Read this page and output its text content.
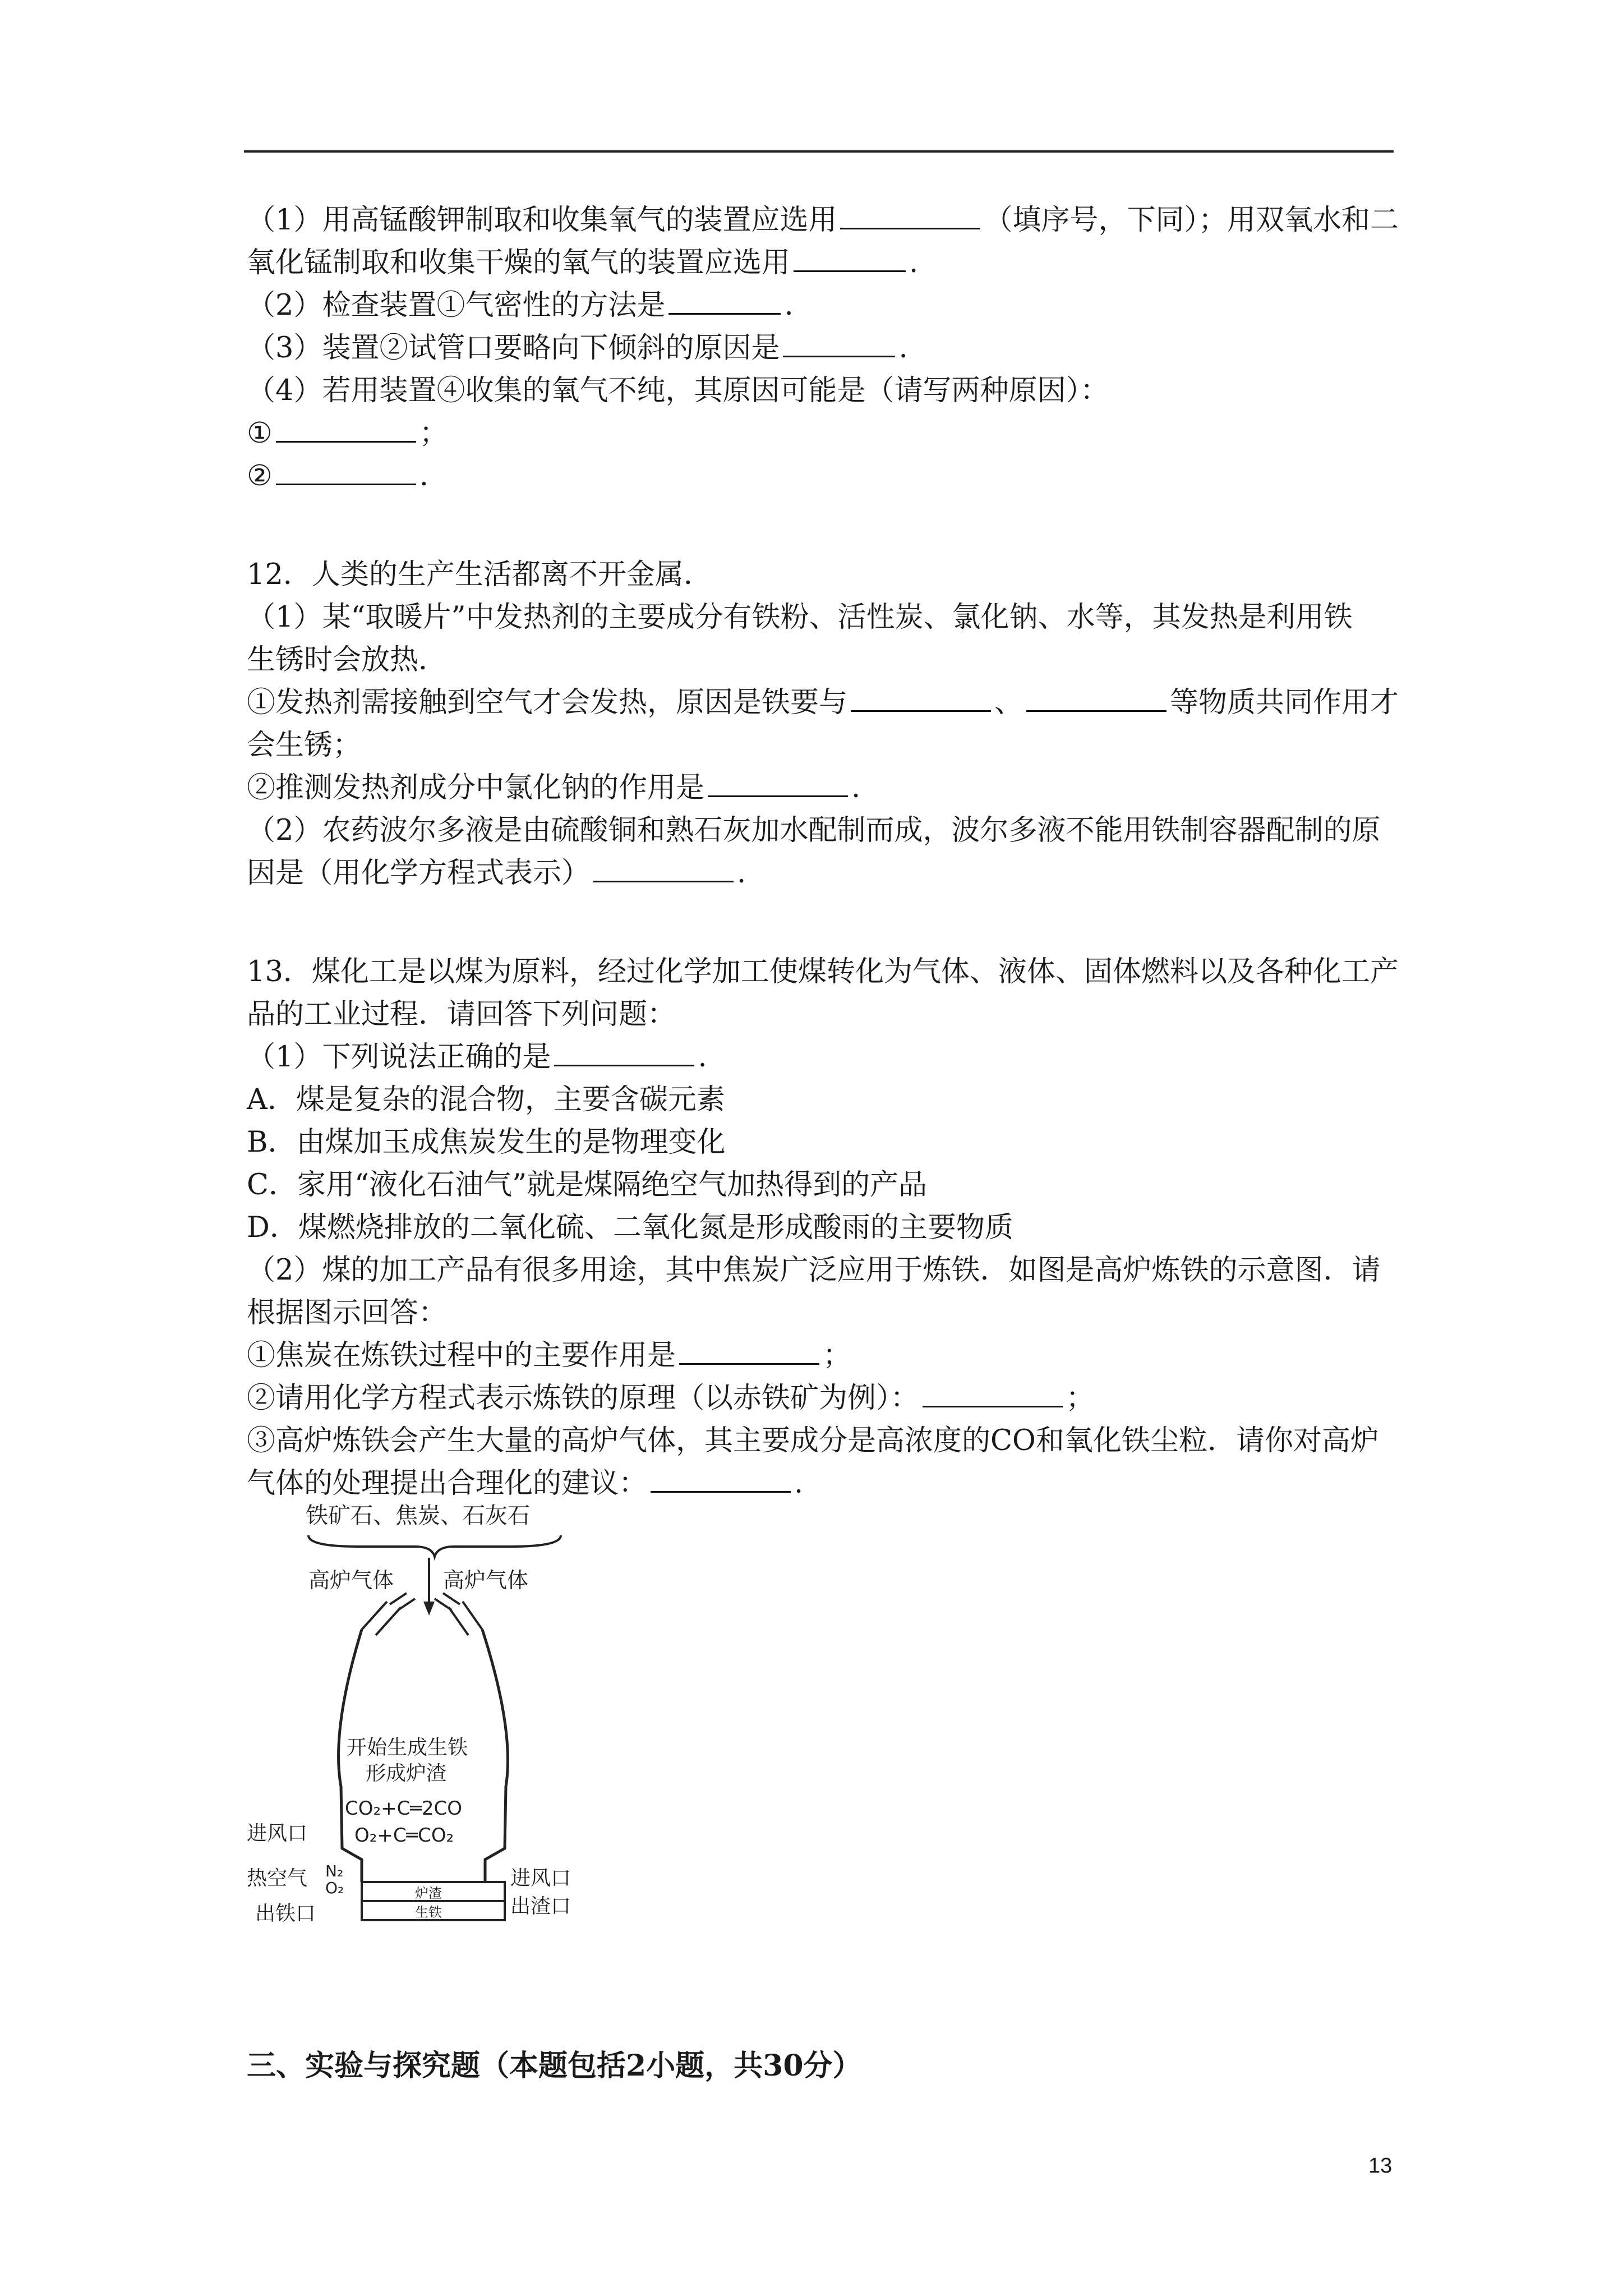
（1）用高锰酸钾制取和收集氧气的装置应选用	（填序号，下同）；用双氧水和二

氧化锰制取和收集干燥的氧气的装置应选用	.

（2）检查装置①气密性的方法是	.

（3）装置②试管口要略向下倾斜的原因是	.

（4）若用装置④收集的氧气不纯，其原因可能是（请写两种原因）：

①	；

②	.

12．人类的生产生活都离不开金属．

（1）某“取暖片”中发热剂的主要成分有铁粉、活性炭、氯化钠、水等，其发热是利用铁

生锈时会放热．

①发热剂需接触到空气才会发热，原因是铁要与	、	等物质共同作用才

会生锈；

②推测发热剂成分中氯化钠的作用是	.

（2）农药波尔多液是由硫酸铜和熟石灰加水配制而成，波尔多液不能用铁制容器配制的原

因是（用化学方程式表示）	.

13．煤化工是以煤为原料，经过化学加工使煤转化为气体、液体、固体燃料以及各种化工产

品的工业过程．请回答下列问题：

（1）下列说法正确的是	.

A．煤是复杂的混合物，主要含碳元素

B．由煤加玉成焦炭发生的是物理变化

C．家用“液化石油气”就是煤隔绝空气加热得到的产品

D．煤燃烧排放的二氧化硫、二氧化氮是形成酸雨的主要物质

（2）煤的加工产品有很多用途，其中焦炭广泛应用于炼铁．如图是高炉炼铁的示意图．请

根据图示回答：

①焦炭在炼铁过程中的主要作用是	；

②请用化学方程式表示炼铁的原理（以赤铁矿为例）：	；

③高炉炼铁会产生大量的高炉气体，其主要成分是高浓度的CO和氧化铁尘粒．请你对高炉

气体的处理提出合理化的建议：	.

铁矿石、焦炭、石灰石
高炉气体 高炉气体
开始生成生铁
形成炉渣
CO₂+C═2CO
O₂+C═CO₂
进风口
热空气 N₂
O₂
出铁口
进风口
出渣口
炉渣
生铁
三、实验与探究题（本题包括2小题，共30分）
13
